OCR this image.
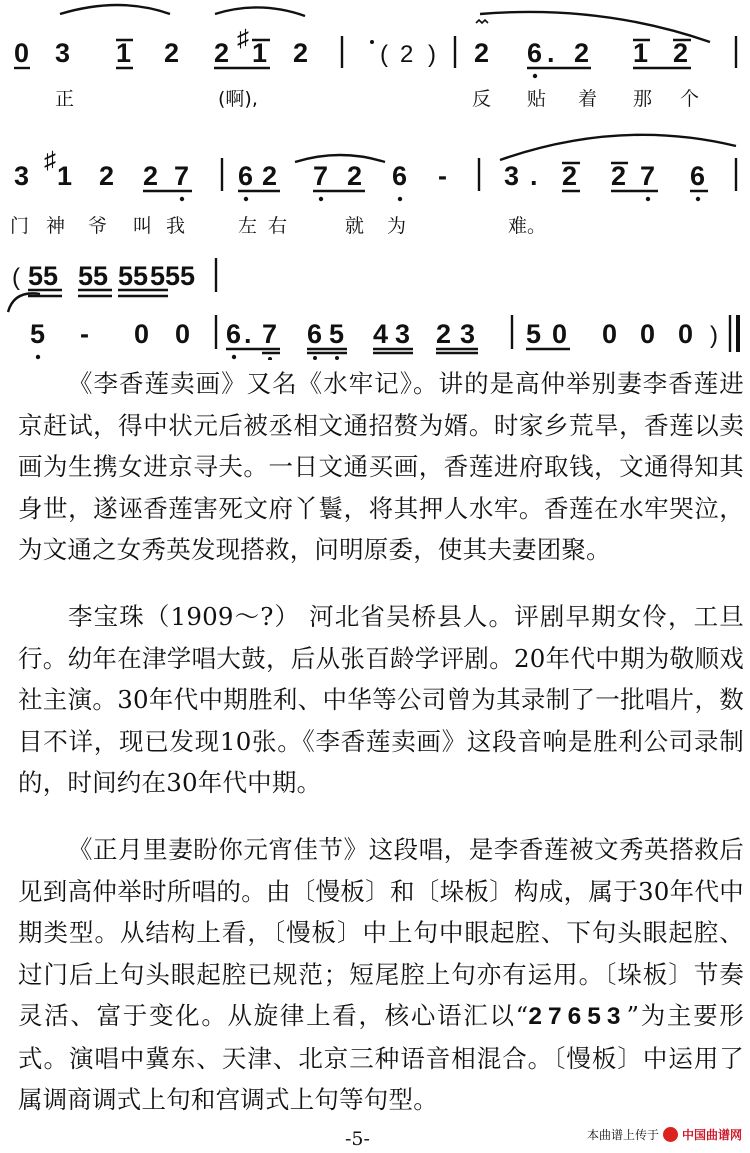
0 3 1 2 2 ♯ 1 2	( 2 ) 2 6 . 2 1 2
正	(啊),	反 贴 着 那 个
3
♯
1 2 2 7 6 2 7 2 6 - 3 . 2 2 7 6
门 神 爷 叫 我	左 右	就 为	难。
( 55 55 55 55 5
5 - 0 0 6 . 7 6 5 4 3 2 3 5 0 0 0 0 )

《李香莲卖画》又名《水牢记》。讲的是高仲举别妻李香莲进京赶试，得中状元后被丞相文通招赘为婿。时家乡荒旱，香莲以卖画为生携女进京寻夫。一日文通买画，香莲进府取钱，文通得知其身世，遂诬香莲害死文府丫鬟，将其押人水牢。香莲在水牢哭泣，为文通之女秀英发现搭救，问明原委，使其夫妻团聚。

李宝珠（1909～?） 河北省吴桥县人。评剧早期女伶，工旦行。幼年在津学唱大鼓，后从张百龄学评剧。20年代中期为敬顺戏社主演。30年代中期胜利、中华等公司曾为其录制了一批唱片，数目不详，现已发现10张。《李香莲卖画》这段音响是胜利公司录制的，时间约在30年代中期。

《正月里妻盼你元宵佳节》这段唱，是李香莲被文秀英搭救后见到高仲举时所唱的。由〔慢板〕和〔垛板〕构成，属于30年代中期类型。从结构上看，〔慢板〕中上句中眼起腔、下句头眼起腔、过门后上句头眼起腔已规范；短尾腔上句亦有运用。〔垛板〕节奏灵活、富于变化。从旋律上看，核心语汇以“27653”为主要形式。演唱中冀东、天津、北京三种语音相混合。〔慢板〕中运用了属调商调式上句和宫调式上句等句型。

-5-	本曲谱上传于 中国曲谱网
